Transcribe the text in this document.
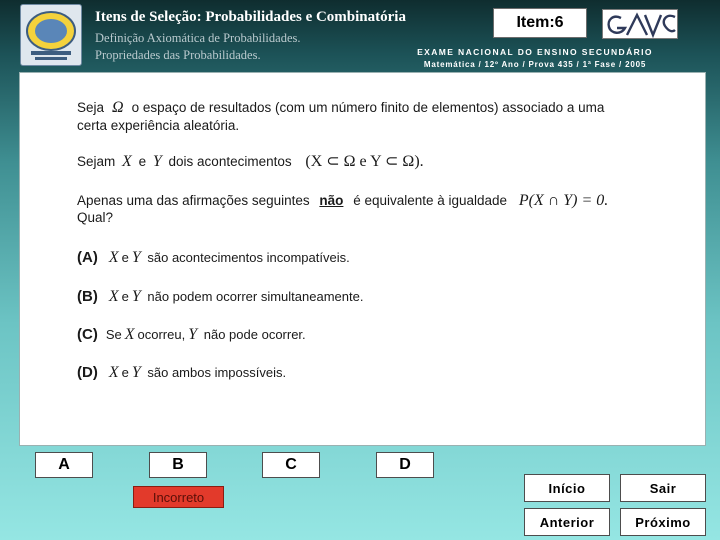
Itens de Seleção: Probabilidades e Combinatória
Definição Axiomática de Probabilidades.
Propriedades das Probabilidades.
Item:6
EXAME NACIONAL DO ENSINO SECUNDÁRIO
Matemática / 12º Ano / Prova 435 / 1ª Fase / 2005
Seja Ω o espaço de resultados (com um número finito de elementos) associado a uma
certa experiência aleatória.
Sejam X e Y dois acontecimentos (X ⊂ Ω e Y ⊂ Ω).
Apenas uma das afirmações seguintes não é equivalente à igualdade P(X ∩ Y) = 0.
Qual?
(A) X e Y são acontecimentos incompatíveis.
(B) X e Y não podem ocorrer simultaneamente.
(C) Se X ocorreu, Y não pode ocorrer.
(D) X e Y são ambos impossíveis.
A	B	C	D
Incorreto
Início	Sair
Anterior	Próximo
